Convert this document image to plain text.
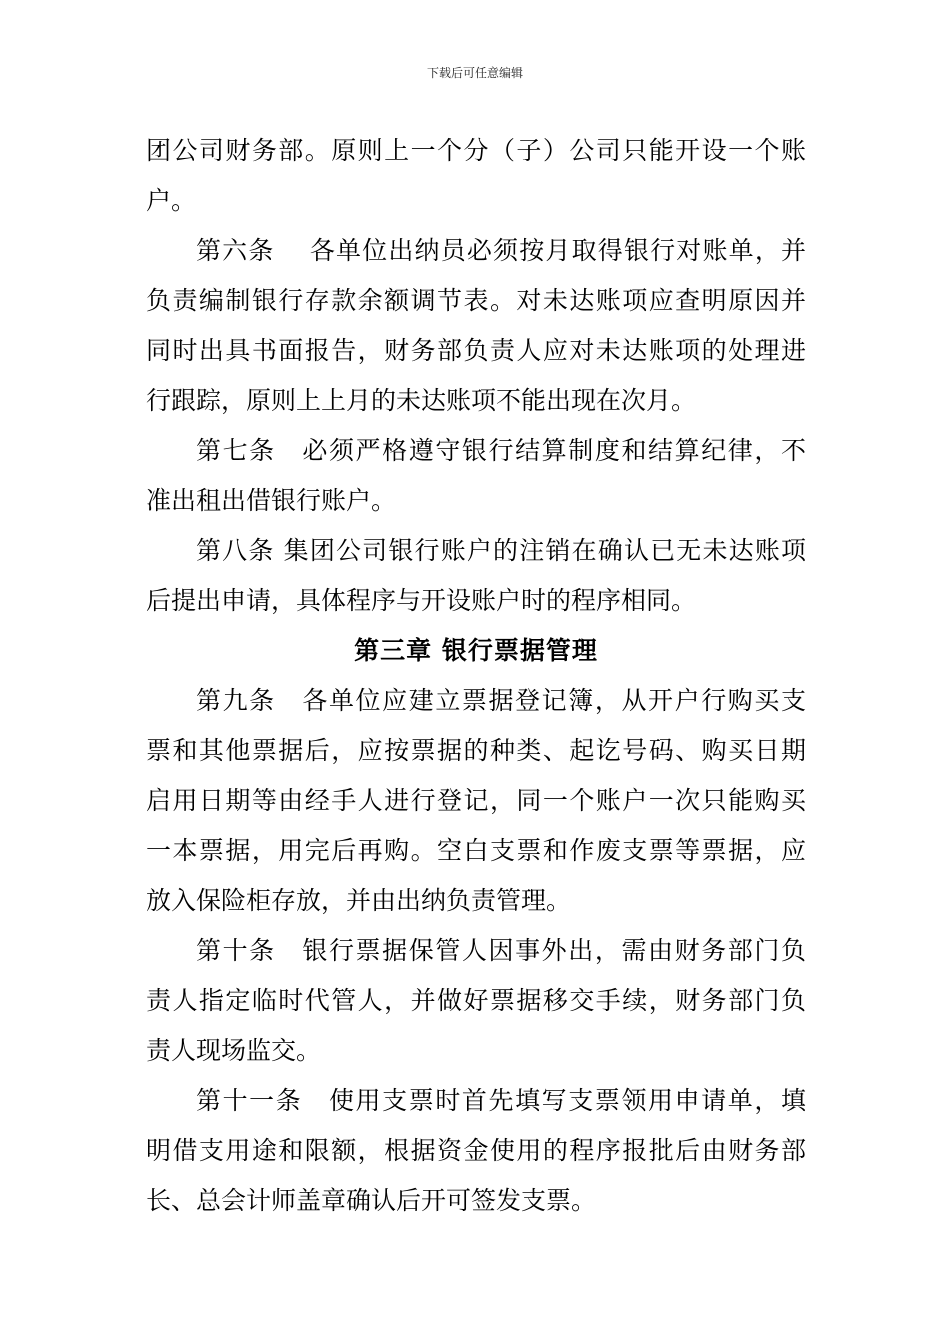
下载后可任意编辑
团公司财务部。原则上一个分（子）公司只能开设一个账
户。
第六条　 各单位出纳员必须按月取得银行对账单，并
负责编制银行存款余额调节表。对未达账项应查明原因并
同时出具书面报告，财务部负责人应对未达账项的处理进
行跟踪，原则上上月的未达账项不能出现在次月。
第七条　必须严格遵守银行结算制度和结算纪律，不
准出租出借银行账户。
第八条 集团公司银行账户的注销在确认已无未达账项
后提出申请，具体程序与开设账户时的程序相同。
第三章 银行票据管理
第九条　各单位应建立票据登记簿，从开户行购买支
票和其他票据后，应按票据的种类、起讫号码、购买日期
启用日期等由经手人进行登记，同一个账户一次只能购买
一本票据，用完后再购。空白支票和作废支票等票据，应
放入保险柜存放，并由出纳负责管理。
第十条　银行票据保管人因事外出，需由财务部门负
责人指定临时代管人，并做好票据移交手续，财务部门负
责人现场监交。
第十一条　使用支票时首先填写支票领用申请单，填
明借支用途和限额，根据资金使用的程序报批后由财务部
长、总会计师盖章确认后开可签发支票。
